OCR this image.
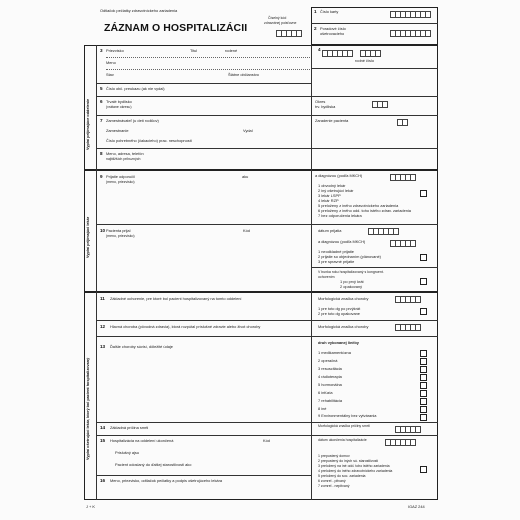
Odtlačok pečiatky zdravotníckeho zariadenia
ZÁZNAM O HOSPITALIZÁCII
Číselný kód
zdravotnej poisťovne
1 Číslo karty
2 Poradové číslo
ošetrovacieho
Vyplní prijímajúce oddelenie
Vyplní prijímajúci lekár
Vyplní ošetrujúci lekár, ktorý bol pacient hospitalizovaný
4
rodné číslo
3 Priezvisko	Titul	rodené
Meno
Stav	Štátne občianstvo
5 Číslo obč. preukazu (ak nie vydal)
6 Trvalé bydlisko
(vrátane okresu)
Okres
trv. bydliska
7 Zamestnávateľ (u detí rodičov)
Zamestnanie	Vydal
Číslo pohrebného (čakacieho) prac. neschopnosti
Zaradenie pacienta
8 Meno, adresa, telefón
najbližších príbuzných
9 Prijatie odporučil
(meno, priezvisko)
aku	a diagnózou (podľa MKCH)
1 obvodný lekár
2 iný ošetrujúci lekár
3 lekár LSPP
4 lekár RZP
5 preloženy z iného zdravotníckeho zariadenia
6 preloženy z iného odd. toho istého zdrav. zariadenia
7 bez odporučenia lekára
10 Pacienta prijal
(meno, priezvisko)
Kód	dátum prijatia
a diagnózou (podľa MKCH)
1 neodkladné prijatie
2 prijatie so objednaním (plánované)
3 pre spravné prijatie
V bunka roku hospitalizovaný s kongruent.
ochorením
1 po prvý krát
2 opakovaný
11 Základné ochorenie, pre ktoré bol pacient hospitalizovaný na tomto oddelení	Morfologická značka choroby
1 pre toto dg po prvýkrát
2 pre toto dg opakovane
12 Hlavná choroba (pôvodná zdravia), ktorá rozpútal príslušné zdravie alebo život choroby	Morfologická značka choroby
13 Ďalšie choroby súvisí, dôležité údaje
druh vykonanej liečby
1 medikamentózna
2 operačná
3 resuscitácia
4 rádioterapia
5 hormonálna
6 infúzia
7 rehabilitácia
8 iné
9 Environmentálny bez vytvárania
14 Základná príčina smrti	Morfologická značka príčiny smrti
15 Hospitalizácia na oddelení ukončená	Kód
Prislušný ajsu
Pacient odoslaný do ďalšej starostlivosti ako
dátum ukončenia hospitalizácie
1 prepustený domov
2 prepustený do iných sú. starostlivosti
3 preložený na iné odd. toho istého zariadenia
4 preložený do iného zdravotníckeho zariadenia
5 preložený do soc. zariadenia
6 zomrel - pitvaný
7 zomrel - nepitvaný
16 Meno, priezvisko, odtlačok pečiatky a podpis ošetrujúceho lekára
J + K	IGAZ 244
